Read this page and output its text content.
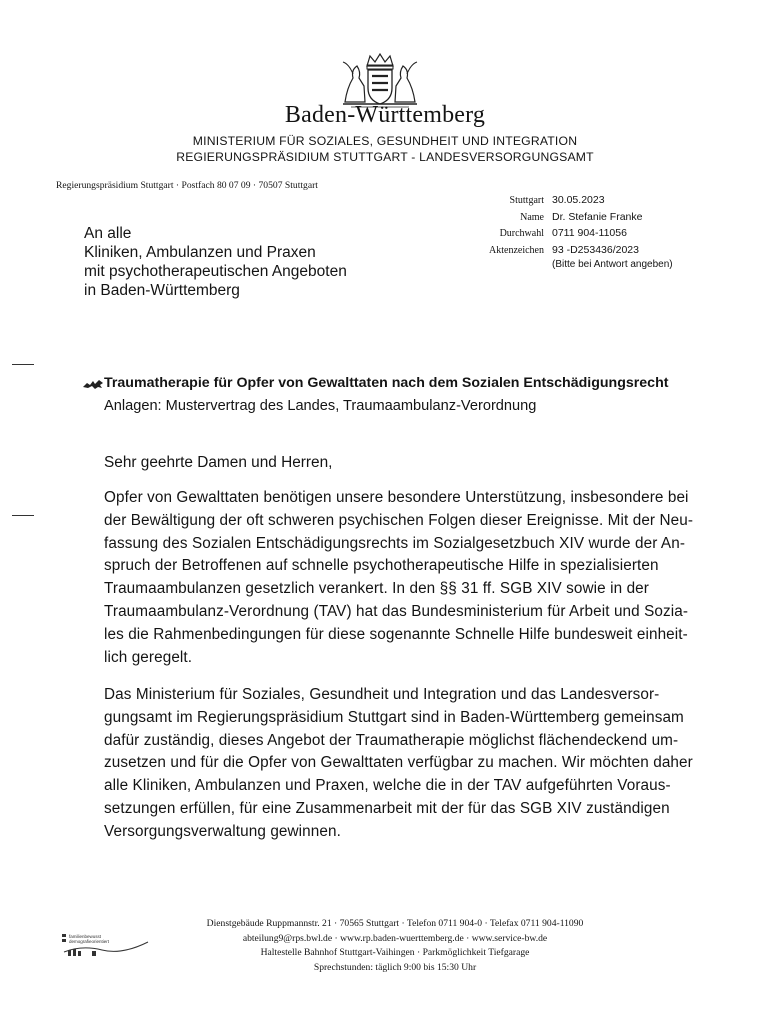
Baden-Württemberg
MINISTERIUM FÜR SOZIALES, GESUNDHEIT UND INTEGRATION
REGIERUNGSPRÄSIDIUM STUTTGART - LANDESVERSORGUNGSAMT
Regierungspräsidium Stuttgart · Postfach 80 07 09 · 70507 Stuttgart
An alle
Kliniken, Ambulanzen und Praxen
mit psychotherapeutischen Angeboten
in Baden-Württemberg
Stuttgart 30.05.2023
Name Dr. Stefanie Franke
Durchwahl 0711 904-11056
Aktenzeichen 93 -D253436/2023
(Bitte bei Antwort angeben)
Traumatherapie für Opfer von Gewalttaten nach dem Sozialen Entschädigungsrecht
Anlagen: Mustervertrag des Landes, Traumaambulanz-Verordnung
Sehr geehrte Damen und Herren,
Opfer von Gewalttaten benötigen unsere besondere Unterstützung, insbesondere bei
der Bewältigung der oft schweren psychischen Folgen dieser Ereignisse. Mit der Neu-
fassung des Sozialen Entschädigungsrechts im Sozialgesetzbuch XIV wurde der An-
spruch der Betroffenen auf schnelle psychotherapeutische Hilfe in spezialisierten
Traumaambulanzen gesetzlich verankert. In den §§ 31 ff. SGB XIV sowie in der
Traumaambulanz-Verordnung (TAV) hat das Bundesministerium für Arbeit und Sozia-
les die Rahmenbedingungen für diese sogenannte Schnelle Hilfe bundesweit einheit-
lich geregelt.
Das Ministerium für Soziales, Gesundheit und Integration und das Landesversor-
gungsamt im Regierungspräsidium Stuttgart sind in Baden-Württemberg gemeinsam
dafür zuständig, dieses Angebot der Traumatherapie möglichst flächendeckend um-
zusetzen und für die Opfer von Gewalttaten verfügbar zu machen. Wir möchten daher
alle Kliniken, Ambulanzen und Praxen, welche die in der TAV aufgeführten Voraus-
setzungen erfüllen, für eine Zusammenarbeit mit der für das SGB XIV zuständigen
Versorgungsverwaltung gewinnen.
familienbewusst
demografieorientiert
Dienstgebäude Ruppmannstr. 21 · 70565 Stuttgart · Telefon 0711 904-0 · Telefax 0711 904-11090
abteilung9@rps.bwl.de · www.rp.baden-wuerttemberg.de · www.service-bw.de
Haltestelle Bahnhof Stuttgart-Vaihingen · Parkmöglichkeit Tiefgarage
Sprechstunden: täglich 9:00 bis 15:30 Uhr
